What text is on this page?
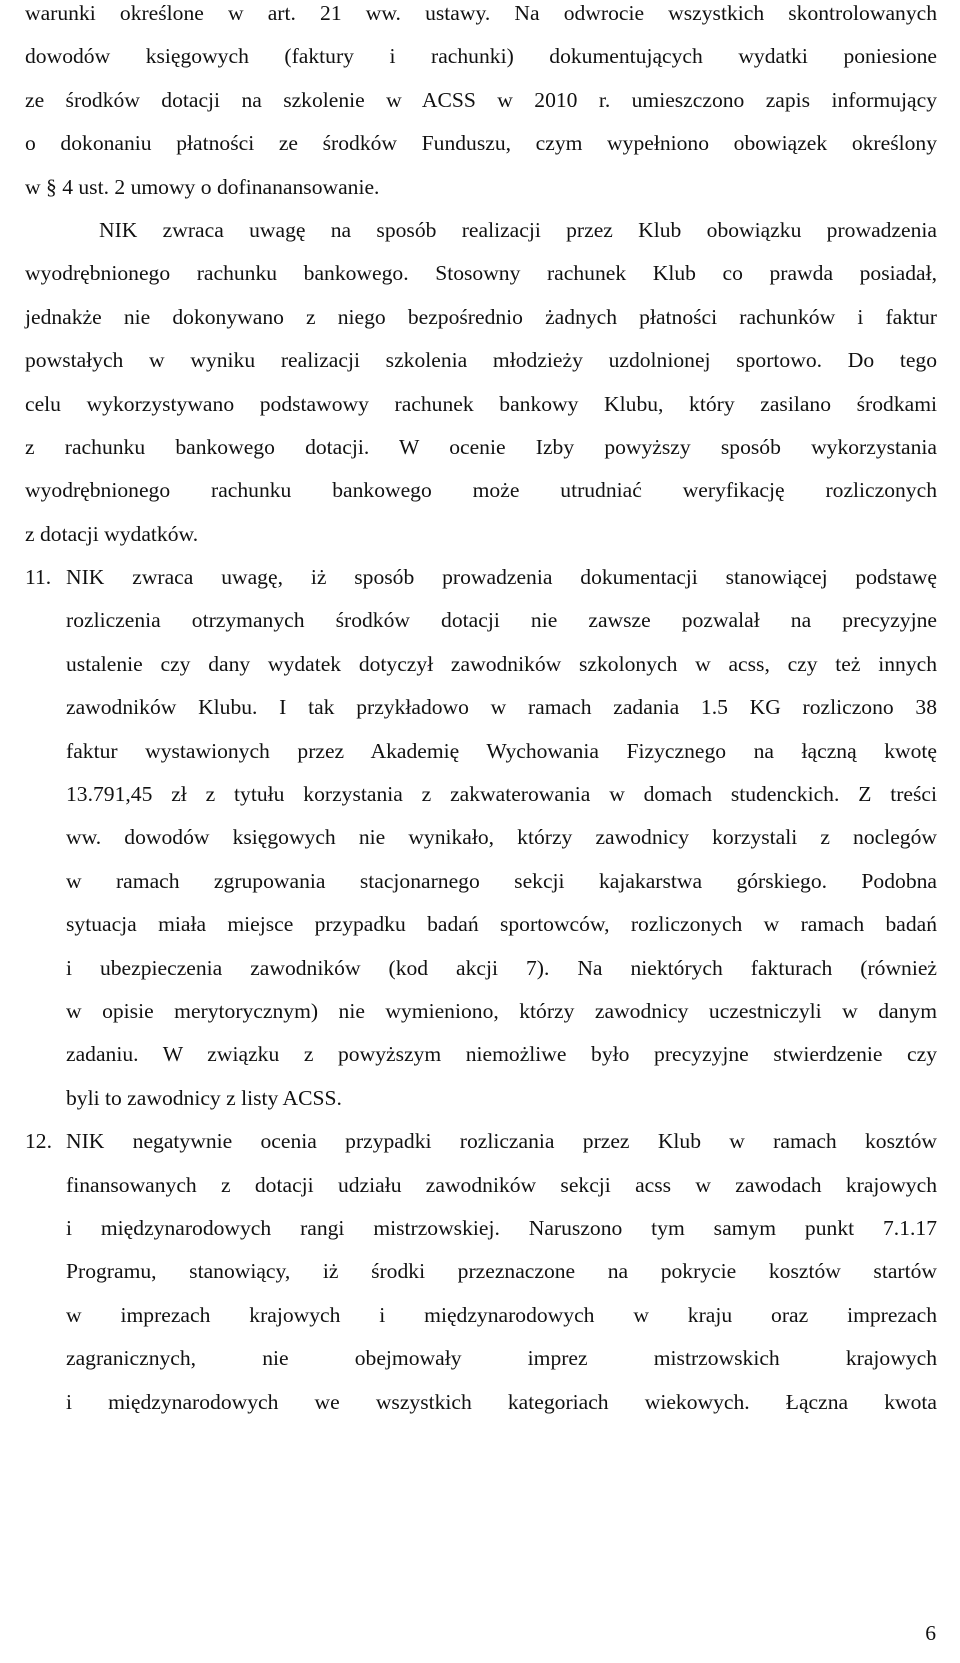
warunki określone w art. 21 ww. ustawy. Na odwrocie wszystkich skontrolowanych
dowodów księgowych (faktury i rachunki) dokumentujących wydatki poniesione
ze środków dotacji na szkolenie w ACSS w 2010 r. umieszczono zapis informujący
o dokonaniu płatności ze środków Funduszu, czym wypełniono obowiązek określony
w § 4 ust. 2 umowy o dofinanansowanie.
NIK zwraca uwagę na sposób realizacji przez Klub obowiązku prowadzenia
wyodrębnionego rachunku bankowego. Stosowny rachunek Klub co prawda posiadał,
jednakże nie dokonywano z niego bezpośrednio żadnych płatności rachunków i faktur
powstałych w wyniku realizacji szkolenia młodzieży uzdolnionej sportowo. Do tego
celu wykorzystywano podstawowy rachunek bankowy Klubu, który zasilano środkami
z rachunku bankowego dotacji. W ocenie Izby powyższy sposób wykorzystania
wyodrębnionego rachunku bankowego może utrudniać weryfikację rozliczonych
z dotacji wydatków.
11. NIK zwraca uwagę, iż sposób prowadzenia dokumentacji stanowiącej podstawę
rozliczenia otrzymanych środków dotacji nie zawsze pozwalał na precyzyjne
ustalenie czy dany wydatek dotyczył zawodników szkolonych w acss, czy też innych
zawodników Klubu. I tak przykładowo w ramach zadania 1.5 KG rozliczono 38
faktur wystawionych przez Akademię Wychowania Fizycznego na łączną kwotę
13.791,45 zł z tytułu korzystania z zakwaterowania w domach studenckich. Z treści
ww. dowodów księgowych nie wynikało, którzy zawodnicy korzystali z noclegów
w ramach zgrupowania stacjonarnego sekcji kajakarstwa górskiego. Podobna
sytuacja miała miejsce przypadku badań sportowców, rozliczonych w ramach badań
i ubezpieczenia zawodników (kod akcji 7). Na niektórych fakturach (również
w opisie merytorycznym) nie wymieniono, którzy zawodnicy uczestniczyli w danym
zadaniu. W związku z powyższym niemożliwe było precyzyjne stwierdzenie czy
byli to zawodnicy z listy ACSS.
12. NIK negatywnie ocenia przypadki rozliczania przez Klub w ramach kosztów
finansowanych z dotacji udziału zawodników sekcji acss w zawodach krajowych
i międzynarodowych rangi mistrzowskiej. Naruszono tym samym punkt 7.1.17
Programu, stanowiący, iż środki przeznaczone na pokrycie kosztów startów
w imprezach krajowych i międzynarodowych w kraju oraz imprezach
zagranicznych, nie obejmowały imprez mistrzowskich krajowych
i międzynarodowych we wszystkich kategoriach wiekowych. Łączna kwota
6
